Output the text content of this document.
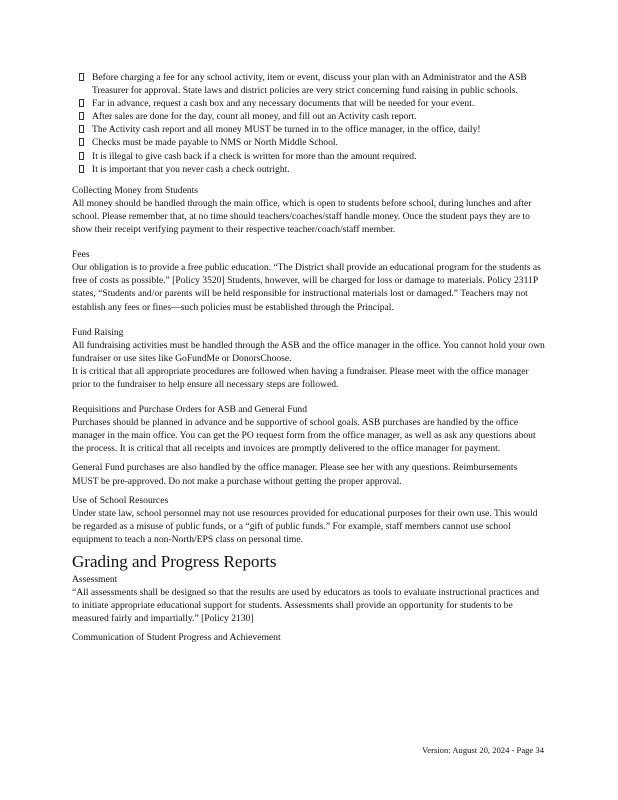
Before charging a fee for any school activity, item or event, discuss your plan with an Administrator and the ASB Treasurer for approval. State laws and district policies are very strict concerning fund raising in public schools.
Far in advance, request a cash box and any necessary documents that will be needed for your event.
After sales are done for the day, count all money, and fill out an Activity cash report.
The Activity cash report and all money MUST be turned in to the office manager, in the office, daily!
Checks must be made payable to NMS or North Middle School.
It is illegal to give cash back if a check is written for more than the amount required.
It is important that you never cash a check outright.
Collecting Money from Students

All money should be handled through the main office, which is open to students before school, during lunches and after school. Please remember that, at no time should teachers/coaches/staff handle money. Once the student pays they are to show their receipt verifying payment to their respective teacher/coach/staff member.

Fees

Our obligation is to provide a free public education. “The District shall provide an educational program for the students as free of costs as possible.” [Policy 3520] Students, however, will be charged for loss or damage to materials. Policy 2311P states, “Students and/or parents will be held responsible for instructional materials lost or damaged.” Teachers may not establish any fees or fines—such policies must be established through the Principal.

Fund Raising

All fundraising activities must be handled through the ASB and the office manager in the office. You cannot hold your own fundraiser or use sites like GoFundMe or DonorsChoose.

It is critical that all appropriate procedures are followed when having a fundraiser. Please meet with the office manager prior to the fundraiser to help ensure all necessary steps are followed.

Requisitions and Purchase Orders for ASB and General Fund

Purchases should be planned in advance and be supportive of school goals. ASB purchases are handled by the office manager in the main office. You can get the PO request form from the office manager, as well as ask any questions about the process. It is critical that all receipts and invoices are promptly delivered to the office manager for payment.

General Fund purchases are also handled by the office manager. Please see her with any questions. Reimbursements MUST be pre-approved. Do not make a purchase without getting the proper approval.

Use of School Resources

Under state law, school personnel may not use resources provided for educational purposes for their own use. This would be regarded as a misuse of public funds, or a “gift of public funds.” For example, staff members cannot use school equipment to teach a non-North/EPS class on personal time.

Grading and Progress Reports
Assessment

“All assessments shall be designed so that the results are used by educators as tools to evaluate instructional practices and to initiate appropriate educational support for students. Assessments shall provide an opportunity for students to be measured fairly and impartially.” [Policy 2130]

Communication of Student Progress and Achievement
Version: August 20, 2024 - Page 34
